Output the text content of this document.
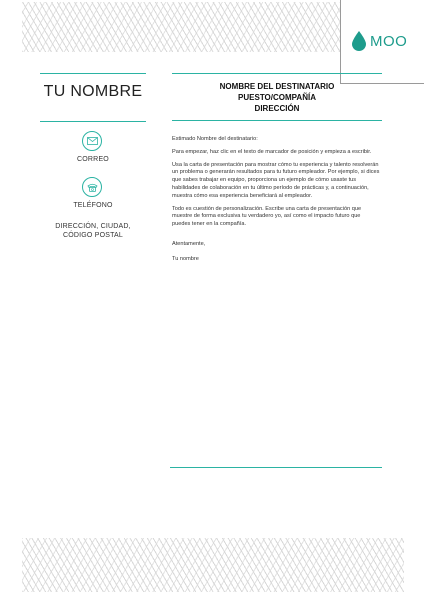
MOO
TU NOMBRE
CORREO
TELÉFONO
DIRECCIÓN, CIUDAD,
CÓDIGO POSTAL
NOMBRE DEL DESTINATARIO
PUESTO/COMPAÑÍA
DIRECCIÓN

Estimado Nombre del destinatario:

Para empezar, haz clic en el texto de marcador de posición y empieza a escribir.

Usa la carta de presentación para mostrar cómo tu experiencia y talento resolverán un problema o generarán resultados para tu futuro empleador. Por ejemplo, si dices que sabes trabajar en equipo, proporciona un ejemplo de cómo usaste tus habilidades de colaboración en tu último período de prácticas y, a continuación, muestra cómo esa experiencia beneficiará al empleador.

Todo es cuestión de personalización. Escribe una carta de presentación que muestre de forma exclusiva tu verdadero yo, así como el impacto futuro que puedes tener en la compañía.

Atentamente,

Tu nombre
